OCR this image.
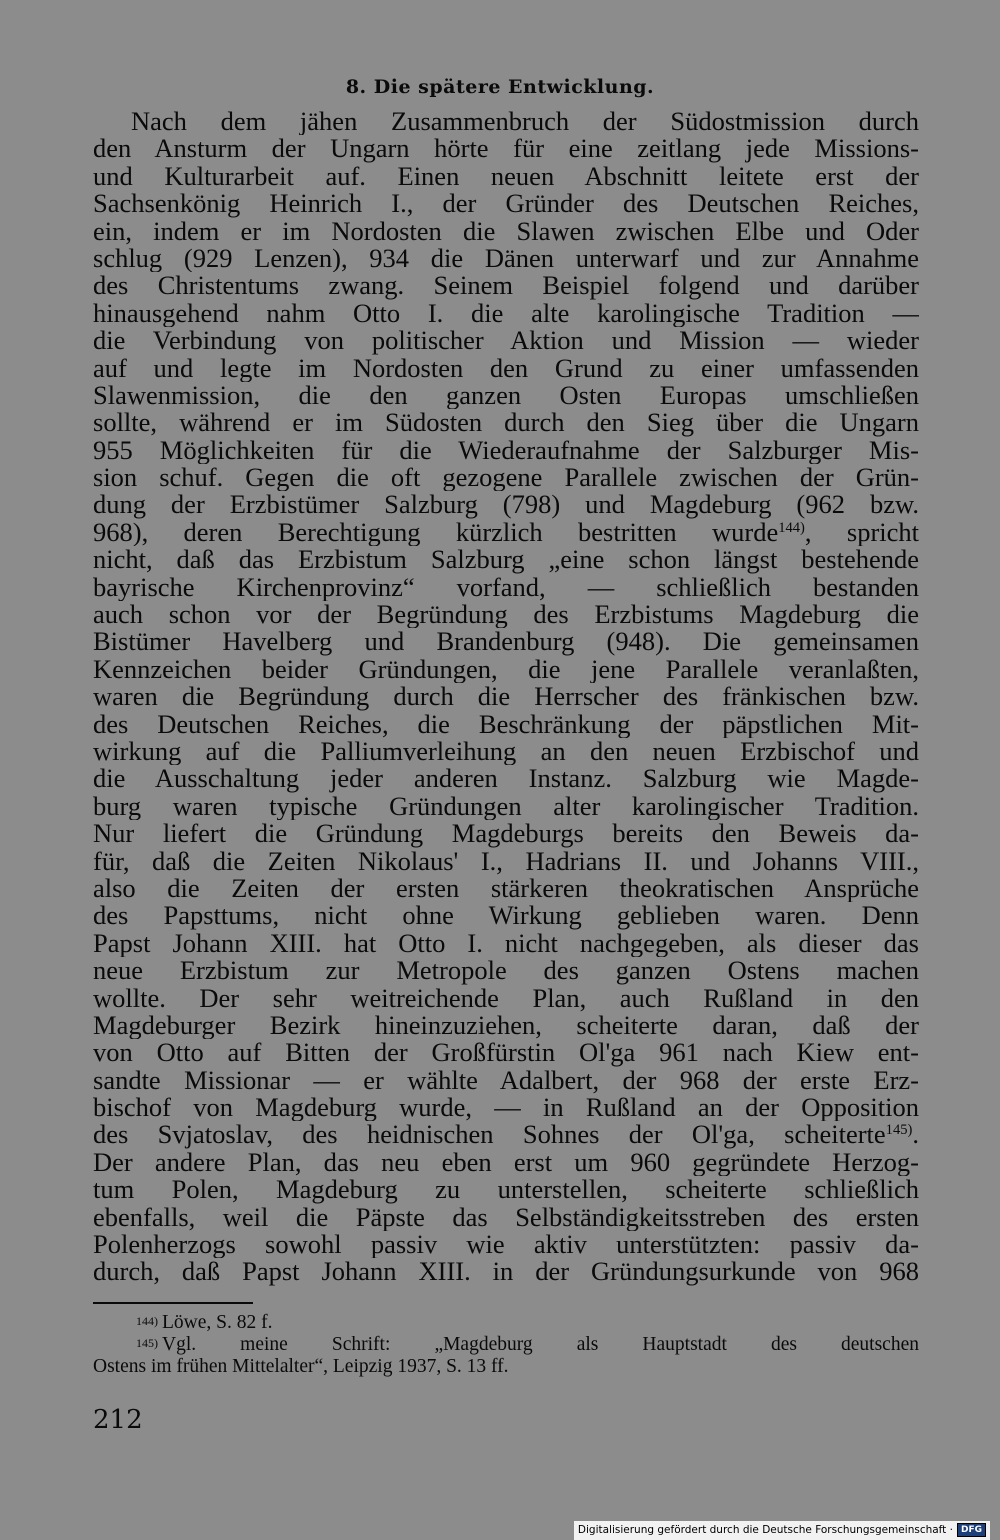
8. Die spätere Entwicklung.
Nach dem jähen Zusammenbruch der Südostmission durch
den Ansturm der Ungarn hörte für eine zeitlang jede Missions-
und Kulturarbeit auf. Einen neuen Abschnitt leitete erst der
Sachsenkönig Heinrich I., der Gründer des Deutschen Reiches,
ein, indem er im Nordosten die Slawen zwischen Elbe und Oder
schlug (929 Lenzen), 934 die Dänen unterwarf und zur Annahme
des Christentums zwang. Seinem Beispiel folgend und darüber
hinausgehend nahm Otto I. die alte karolingische Tradition —
die Verbindung von politischer Aktion und Mission — wieder
auf und legte im Nordosten den Grund zu einer umfassenden
Slawenmission, die den ganzen Osten Europas umschließen
sollte, während er im Südosten durch den Sieg über die Ungarn
955 Möglichkeiten für die Wiederaufnahme der Salzburger Mis-
sion schuf. Gegen die oft gezogene Parallele zwischen der Grün-
dung der Erzbistümer Salzburg (798) und Magdeburg (962 bzw.
968), deren Berechtigung kürzlich bestritten wurde$^{144)}$, spricht
nicht, daß das Erzbistum Salzburg „eine schon längst bestehende
bayrische Kirchenprovinz“ vorfand, — schließlich bestanden
auch schon vor der Begründung des Erzbistums Magdeburg die
Bistümer Havelberg und Brandenburg (948). Die gemeinsamen
Kennzeichen beider Gründungen, die jene Parallele veranlaßten,
waren die Begründung durch die Herrscher des fränkischen bzw.
des Deutschen Reiches, die Beschränkung der päpstlichen Mit-
wirkung auf die Palliumverleihung an den neuen Erzbischof und
die Ausschaltung jeder anderen Instanz. Salzburg wie Magde-
burg waren typische Gründungen alter karolingischer Tradition.
Nur liefert die Gründung Magdeburgs bereits den Beweis da-
für, daß die Zeiten Nikolaus' I., Hadrians II. und Johanns VIII.,
also die Zeiten der ersten stärkeren theokratischen Ansprüche
des Papsttums, nicht ohne Wirkung geblieben waren. Denn
Papst Johann XIII. hat Otto I. nicht nachgegeben, als dieser das
neue Erzbistum zur Metropole des ganzen Ostens machen
wollte. Der sehr weitreichende Plan, auch Rußland in den
Magdeburger Bezirk hineinzuziehen, scheiterte daran, daß der
von Otto auf Bitten der Großfürstin Ol'ga 961 nach Kiew ent-
sandte Missionar — er wählte Adalbert, der 968 der erste Erz-
bischof von Magdeburg wurde, — in Rußland an der Opposition
des Svjatoslav, des heidnischen Sohnes der Ol'ga, scheiterte$^{145)}$.
Der andere Plan, das neu eben erst um 960 gegründete Herzog-
tum Polen, Magdeburg zu unterstellen, scheiterte schließlich
ebenfalls, weil die Päpste das Selbständigkeitsstreben des ersten
Polenherzogs sowohl passiv wie aktiv unterstützten: passiv da-
durch, daß Papst Johann XIII. in der Gründungsurkunde von 968
$^{144)}$ Löwe, S. 82 f.
$^{145)}$ Vgl. meine Schrift: „Magdeburg als Hauptstadt des deutschen
Ostens im frühen Mittelalter“, Leipzig 1937, S. 13 ff.
212
Digitalisierung gefördert durch die Deutsche Forschungsgemeinschaft · DFG
